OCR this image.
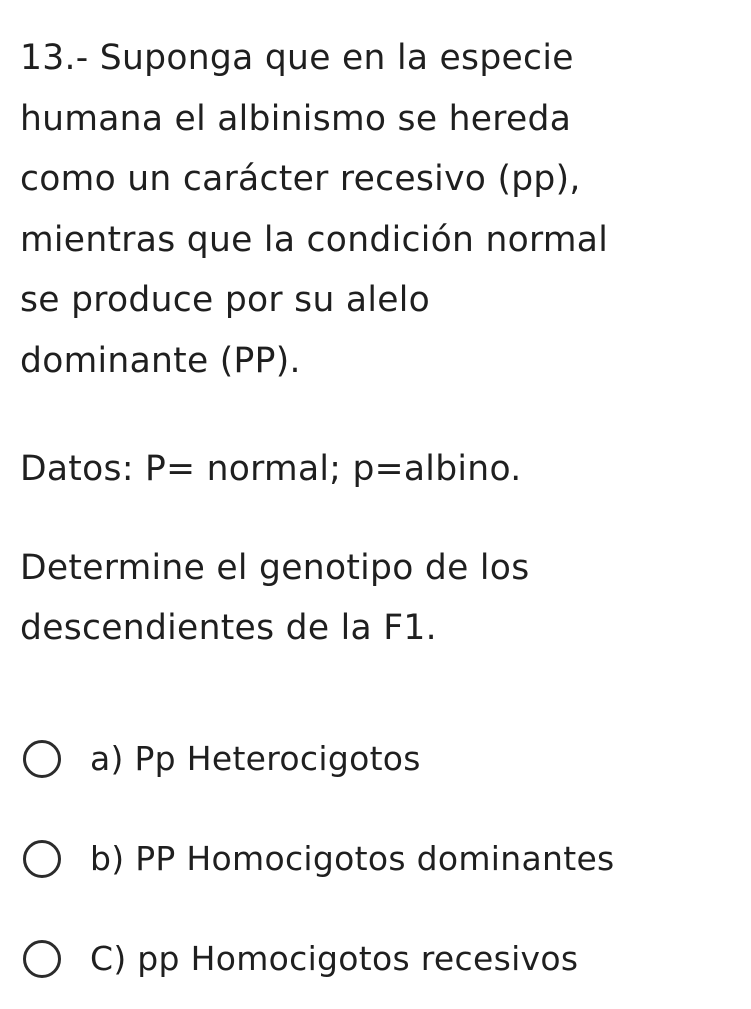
13.- Suponga que en la especie
humana el albinismo se hereda
como un carácter recesivo (pp),
mientras que la condición normal
se produce por su alelo
dominante (PP).
Datos: P= normal; p=albino.
Determine el genotipo de los
descendientes de la F1.
a) Pp Heterocigotos
b) PP Homocigotos dominantes
C) pp Homocigotos recesivos
